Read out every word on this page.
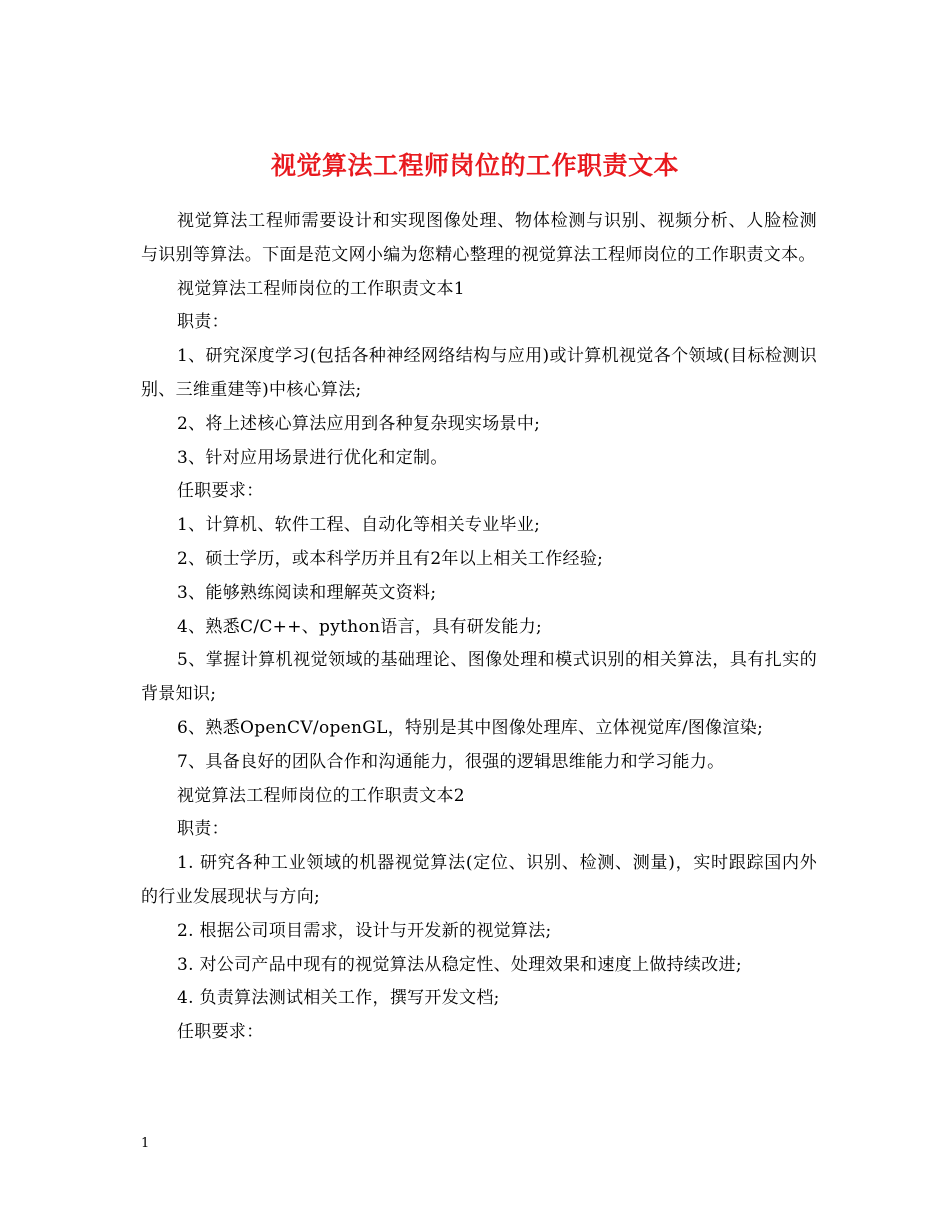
视觉算法工程师岗位的工作职责文本

视觉算法工程师需要设计和实现图像处理、物体检测与识别、视频分析、人脸检测与识别等算法。下面是范文网小编为您精心整理的视觉算法工程师岗位的工作职责文本。

视觉算法工程师岗位的工作职责文本1

职责：

1、研究深度学习(包括各种神经网络结构与应用)或计算机视觉各个领域(目标检测识别、三维重建等)中核心算法;

2、将上述核心算法应用到各种复杂现实场景中;

3、针对应用场景进行优化和定制。

任职要求：

1、计算机、软件工程、自动化等相关专业毕业;

2、硕士学历，或本科学历并且有2年以上相关工作经验;

3、能够熟练阅读和理解英文资料;

4、熟悉C/C++、python语言，具有研发能力;

5、掌握计算机视觉领域的基础理论、图像处理和模式识别的相关算法，具有扎实的背景知识;

6、熟悉OpenCV/openGL，特别是其中图像处理库、立体视觉库/图像渲染;

7、具备良好的团队合作和沟通能力，很强的逻辑思维能力和学习能力。

视觉算法工程师岗位的工作职责文本2

职责：

1. 研究各种工业领域的机器视觉算法(定位、识别、检测、测量)，实时跟踪国内外的行业发展现状与方向;

2. 根据公司项目需求，设计与开发新的视觉算法;

3. 对公司产品中现有的视觉算法从稳定性、处理效果和速度上做持续改进;

4. 负责算法测试相关工作，撰写开发文档;

任职要求：

1
